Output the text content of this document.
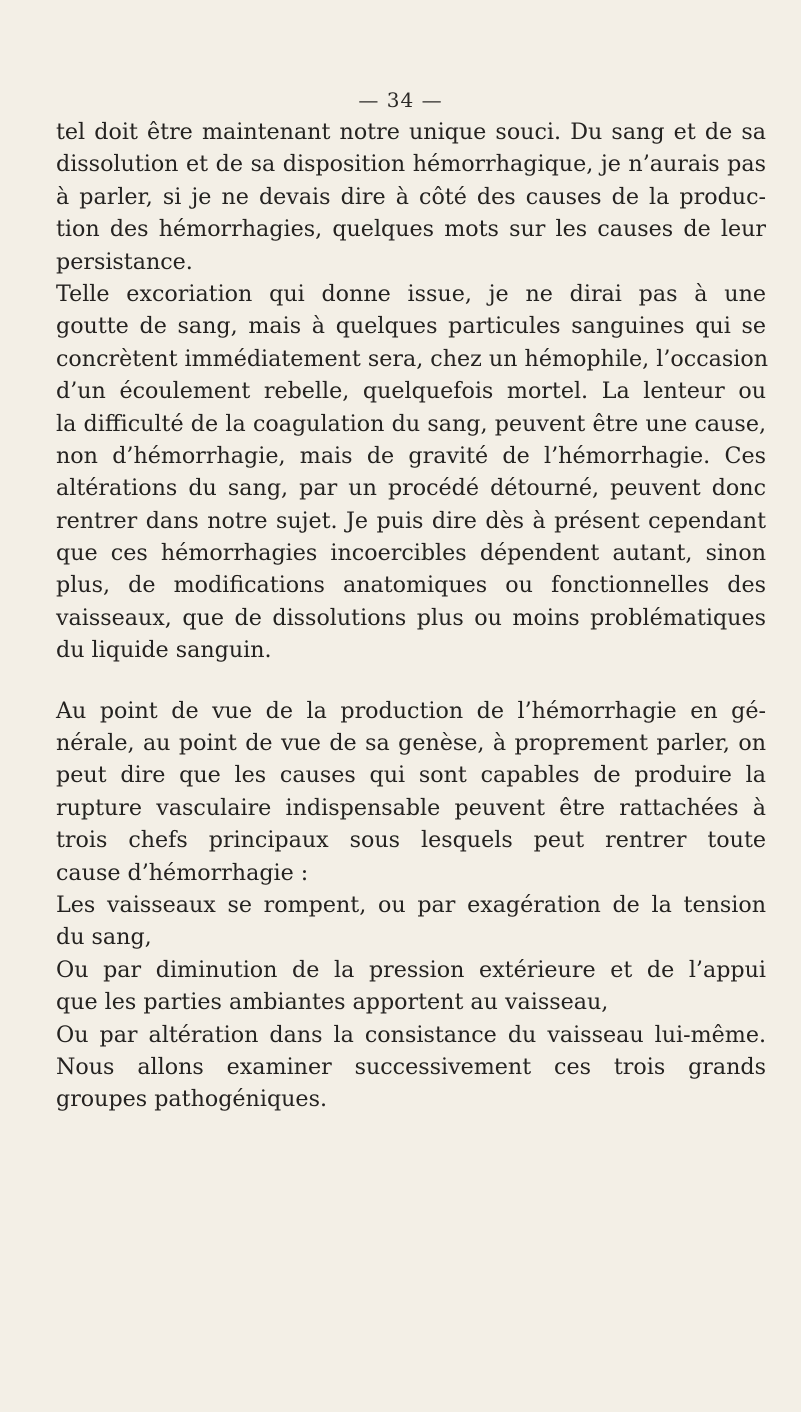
— 34 —
tel doit être maintenant notre unique souci. Du sang et de sa
dissolution et de sa disposition hémorrhagique, je n’aurais pas
à parler, si je ne devais dire à côté des causes de la produc-
tion des hémorrhagies, quelques mots sur les causes de leur
persistance.
Telle excoriation qui donne issue, je ne dirai pas à une
goutte de sang, mais à quelques particules sanguines qui se
concrètent immédiatement sera, chez un hémophile, l’occasion
d’un écoulement rebelle, quelquefois mortel. La lenteur ou
la difficulté de la coagulation du sang, peuvent être une cause,
non d’hémorrhagie, mais de gravité de l’hémorrhagie. Ces
altérations du sang, par un procédé détourné, peuvent donc
rentrer dans notre sujet. Je puis dire dès à présent cependant
que ces hémorrhagies incoercibles dépendent autant, sinon
plus, de modifications anatomiques ou fonctionnelles des
vaisseaux, que de dissolutions plus ou moins problématiques
du liquide sanguin.
Au point de vue de la production de l’hémorrhagie en gé-
nérale, au point de vue de sa genèse, à proprement parler, on
peut dire que les causes qui sont capables de produire la
rupture vasculaire indispensable peuvent être rattachées à
trois chefs principaux sous lesquels peut rentrer toute
cause d’hémorrhagie :
Les vaisseaux se rompent, ou par exagération de la tension
du sang,
Ou par diminution de la pression extérieure et de l’appui
que les parties ambiantes apportent au vaisseau,
Ou par altération dans la consistance du vaisseau lui-même.
Nous allons examiner successivement ces trois grands
groupes pathogéniques.
